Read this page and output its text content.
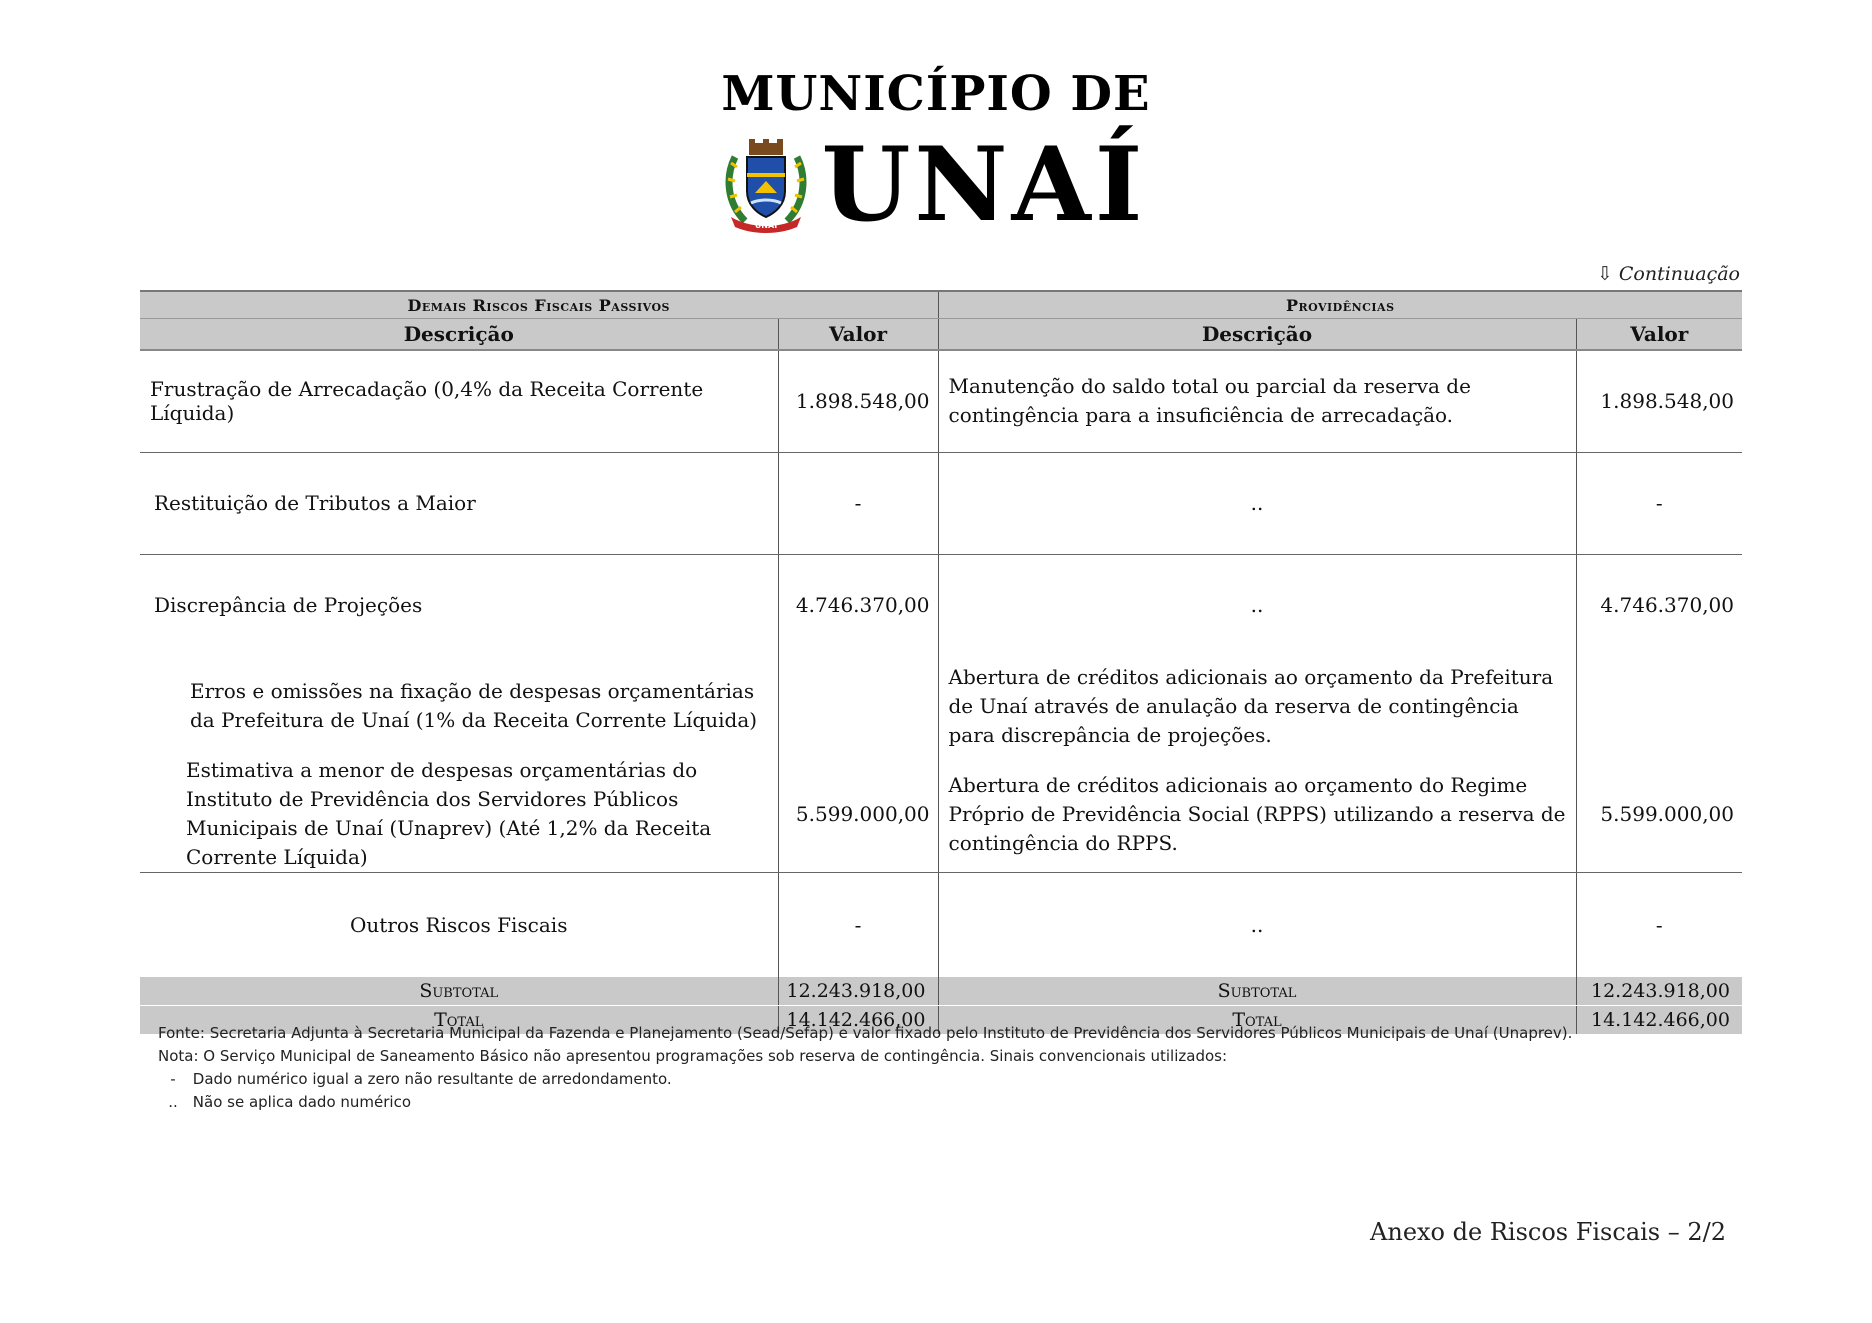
MUNICÍPIO DE
UNAÍ UNAÍ
⇩ Continuação
Demais Riscos Fiscais Passivos		Providências	
Descrição	Valor	Descrição	Valor
Frustração de Arrecadação (0,4% da Receita Corrente Líquida)	1.898.548,00	Manutenção do saldo total ou parcial da reserva de contingência para a insuficiência de arrecadação.	1.898.548,00
Restituição de Tributos a Maior	-	..	-
Discrepância de Projeções	4.746.370,00	..	4.746.370,00
Erros e omissões na fixação de despesas orçamentárias da Prefeitura de Unaí (1% da Receita Corrente Líquida)		Abertura de créditos adicionais ao orçamento da Prefeitura de Unaí através de anulação da reserva de contingência para discrepância de projeções.	
Estimativa a menor de despesas orçamentárias do Instituto de Previdência dos Servidores Públicos Municipais de Unaí (Unaprev) (Até 1,2% da Receita Corrente Líquida)	5.599.000,00	Abertura de créditos adicionais ao orçamento do Regime Próprio de Previdência Social (RPPS) utilizando a reserva de contingência do RPPS.	5.599.000,00
Outros Riscos Fiscais	-	..	-
Subtotal	12.243.918,00	Subtotal	12.243.918,00
Total	14.142.466,00	Total	14.142.466,00
Fonte: Secretaria Adjunta à Secretaria Municipal da Fazenda e Planejamento (Sead/Sefap) e valor fixado pelo Instituto de Previdência dos Servidores Públicos Municipais de Unaí (Unaprev).
Nota: O Serviço Municipal de Saneamento Básico não apresentou programações sob reserva de contingência. Sinais convencionais utilizados:
- Dado numérico igual a zero não resultante de arredondamento.
.. Não se aplica dado numérico
Anexo de Riscos Fiscais – 2/2
